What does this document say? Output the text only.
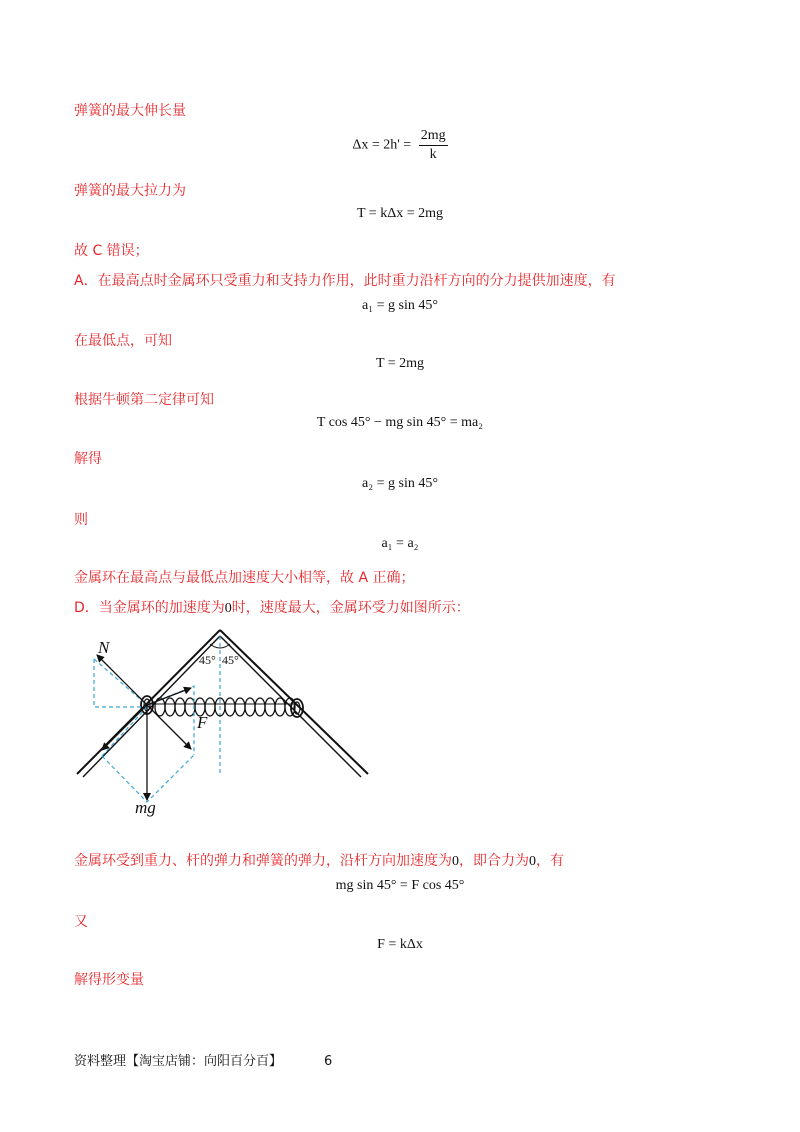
弹簧的最大伸长量
$\Delta x = 2h' = \frac{2mg}{k}$
弹簧的最大拉力为
T = kΔx = 2mg
故 C 错误；
A．在最高点时金属环只受重力和支持力作用，此时重力沿杆方向的分力提供加速度，有
a₁ = g sin 45°
在最低点，可知
T = 2mg
根据牛顿第二定律可知
T cos 45° − mg sin 45° = ma₂
解得
a₂ = g sin 45°
则
a₁ = a₂
金属环在最高点与最低点加速度大小相等，故 A 正确；
D．当金属环的加速度为0时，速度最大，金属环受力如图所示：
N
F
mg
45° 45°
金属环受到重力、杆的弹力和弹簧的弹力，沿杆方向加速度为0，即合力为0，有
mg sin 45° = F cos 45°
又
F = kΔx
解得形变量
资料整理【淘宝店铺：向阳百分百】	6
